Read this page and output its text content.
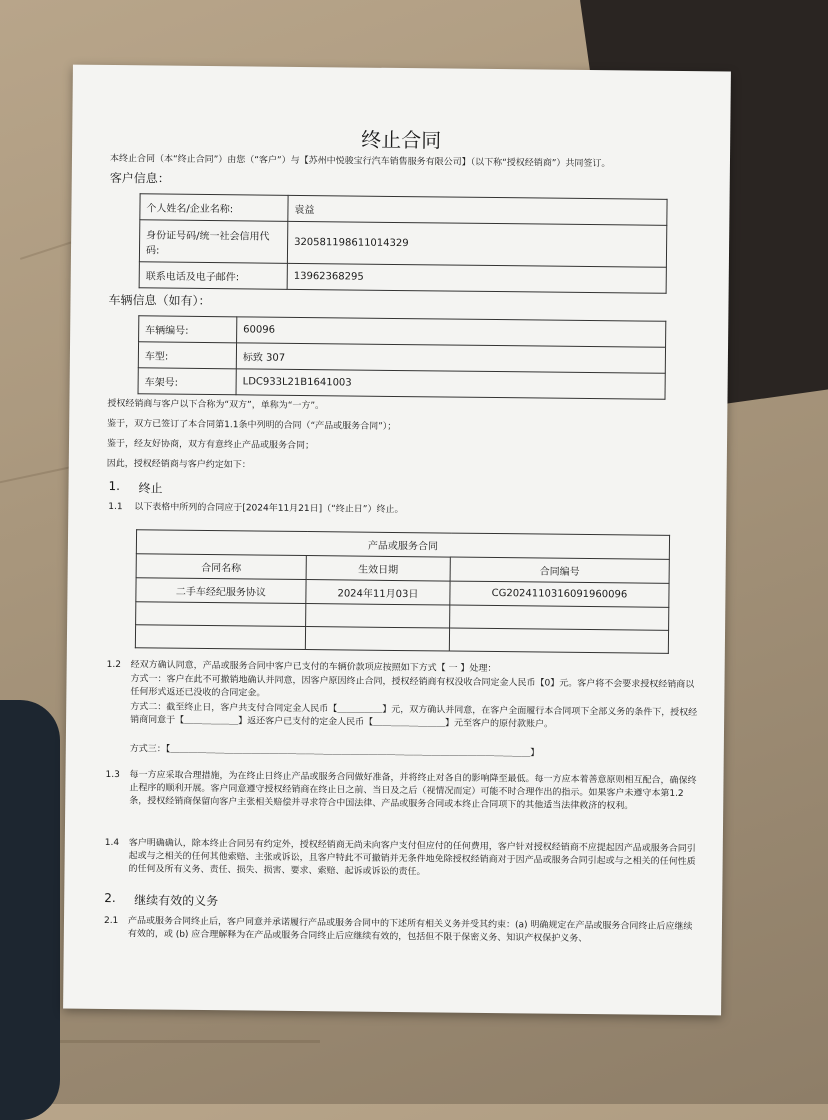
终止合同
本终止合同（本“终止合同”）由您（“客户”）与【苏州中悦骏宝行汽车销售服务有限公司】（以下称“授权经销商”）共同签订。
客户信息：
个人姓名/企业名称:	袁益
身份证号码/统一社会信用代码:	320581198611014329
联系电话及电子邮件:	13962368295
车辆信息（如有）：
车辆编号:	60096
车型:	标致 307
车架号:	LDC933L21B1641003
授权经销商与客户以下合称为“双方”，单称为“一方”。
鉴于，双方已签订了本合同第1.1条中列明的合同（“产品或服务合同”）；
鉴于，经友好协商，双方有意终止产品或服务合同；
因此，授权经销商与客户约定如下：
1. 终止
1.1 以下表格中所列的合同应于[2024年11月21日]（“终止日”）终止。
产品或服务合同		
合同名称	生效日期	合同编号
二手车经纪服务协议	2024年11月03日	CG2024110316091960096

1.2 经双方确认同意，产品或服务合同中客户已支付的车辆价款项应按照如下方式【 一 】处理：
方式一：客户在此不可撤销地确认并同意，因客户原因终止合同，授权经销商有权没收合同定金人民币【0】元。客户将不会要求授权经销商以任何形式返还已没收的合同定金。
方式二：截至终止日，客户共支付合同定金人民币【＿＿＿＿＿】元，双方确认并同意，在客户全面履行本合同项下全部义务的条件下，授权经销商同意于【＿＿＿＿＿＿】返还客户已支付的定金人民币【＿＿＿＿＿＿＿＿】元至客户的原付款账户。
方式三：【＿＿＿＿＿＿＿＿＿＿＿＿＿＿＿＿＿＿＿＿＿＿＿＿＿＿＿＿＿＿＿＿＿＿＿＿＿＿＿＿】
1.3 每一方应采取合理措施，为在终止日终止产品或服务合同做好准备，并将终止对各自的影响降至最低。每一方应本着善意原则相互配合，确保终止程序的顺利开展。客户同意遵守授权经销商在终止日之前、当日及之后（视情况而定）可能不时合理作出的指示。如果客户未遵守本第1.2条，授权经销商保留向客户主张相关赔偿并寻求符合中国法律、产品或服务合同或本终止合同项下的其他适当法律救济的权利。
1.4 客户明确确认，除本终止合同另有约定外，授权经销商无尚未向客户支付但应付的任何费用，客户针对授权经销商不应提起因产品或服务合同引起或与之相关的任何其他索赔、主张或诉讼，且客户特此不可撤销并无条件地免除授权经销商对于因产品或服务合同引起或与之相关的任何性质的任何及所有义务、责任、损失、损害、要求、索赔、起诉或诉讼的责任。
2. 继续有效的义务
2.1 产品或服务合同终止后，客户同意并承诺履行产品或服务合同中的下述所有相关义务并受其约束：(a) 明确规定在产品或服务合同终止后应继续有效的，或 (b) 应合理解释为在产品或服务合同终止后应继续有效的，包括但不限于保密义务、知识产权保护义务、
